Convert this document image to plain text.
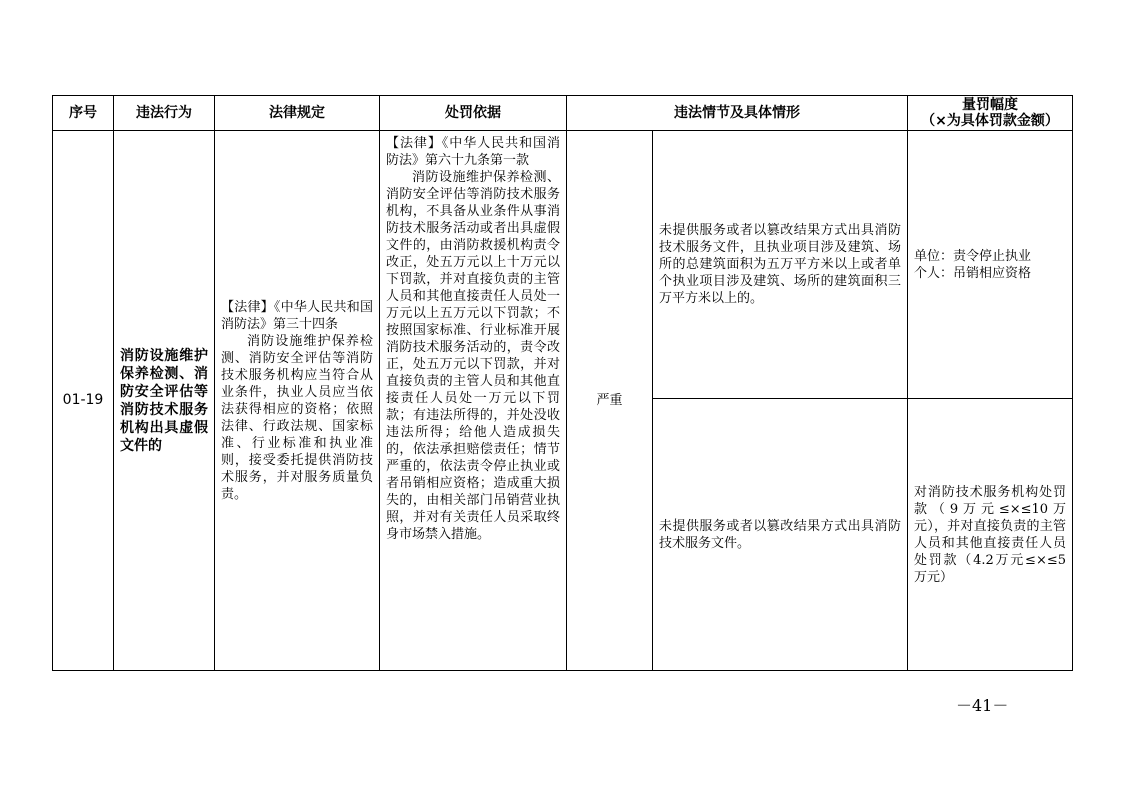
序号	违法行为	法律规定	处罚依据	违法情节及具体情形		量罚幅度
（×为具体罚款金额）

01-19	消防设施维护保养检测、消防安全评估等消防技术服务机构出具虚假文件的	【法律】《中华人民共和国消防法》第三十四条
消防设施维护保养检测、消防安全评估等消防技术服务机构应当符合从业条件，执业人员应当依法获得相应的资格；依照法律、行政法规、国家标准、行业标准和执业准则，接受委托提供消防技术服务，并对服务质量负责。	【法律】《中华人民共和国消防法》第六十九条第一款
消防设施维护保养检测、消防安全评估等消防技术服务机构，不具备从业条件从事消防技术服务活动或者出具虚假文件的，由消防救援机构责令改正，处五万元以上十万元以下罚款，并对直接负责的主管人员和其他直接责任人员处一万元以上五万元以下罚款；不按照国家标准、行业标准开展消防技术服务活动的，责令改正，处五万元以下罚款，并对直接负责的主管人员和其他直接责任人员处一万元以下罚款；有违法所得的，并处没收违法所得；给他人造成损失的，依法承担赔偿责任；情节严重的，依法责令停止执业或者吊销相应资格；造成重大损失的，由相关部门吊销营业执照，并对有关责任人员采取终身市场禁入措施。	严重	未提供服务或者以篡改结果方式出具消防技术服务文件，且执业项目涉及建筑、场所的总建筑面积为五万平方米以上或者单个执业项目涉及建筑、场所的建筑面积三万平方米以上的。	单位：责令停止执业
个人：吊销相应资格

					未提供服务或者以篡改结果方式出具消防技术服务文件。	对消防技术服务机构处罚款（9万元≤×≤10万元），并对直接负责的主管人员和其他直接责任人员处罚款（4.2万元≤×≤5万元）
－41－
